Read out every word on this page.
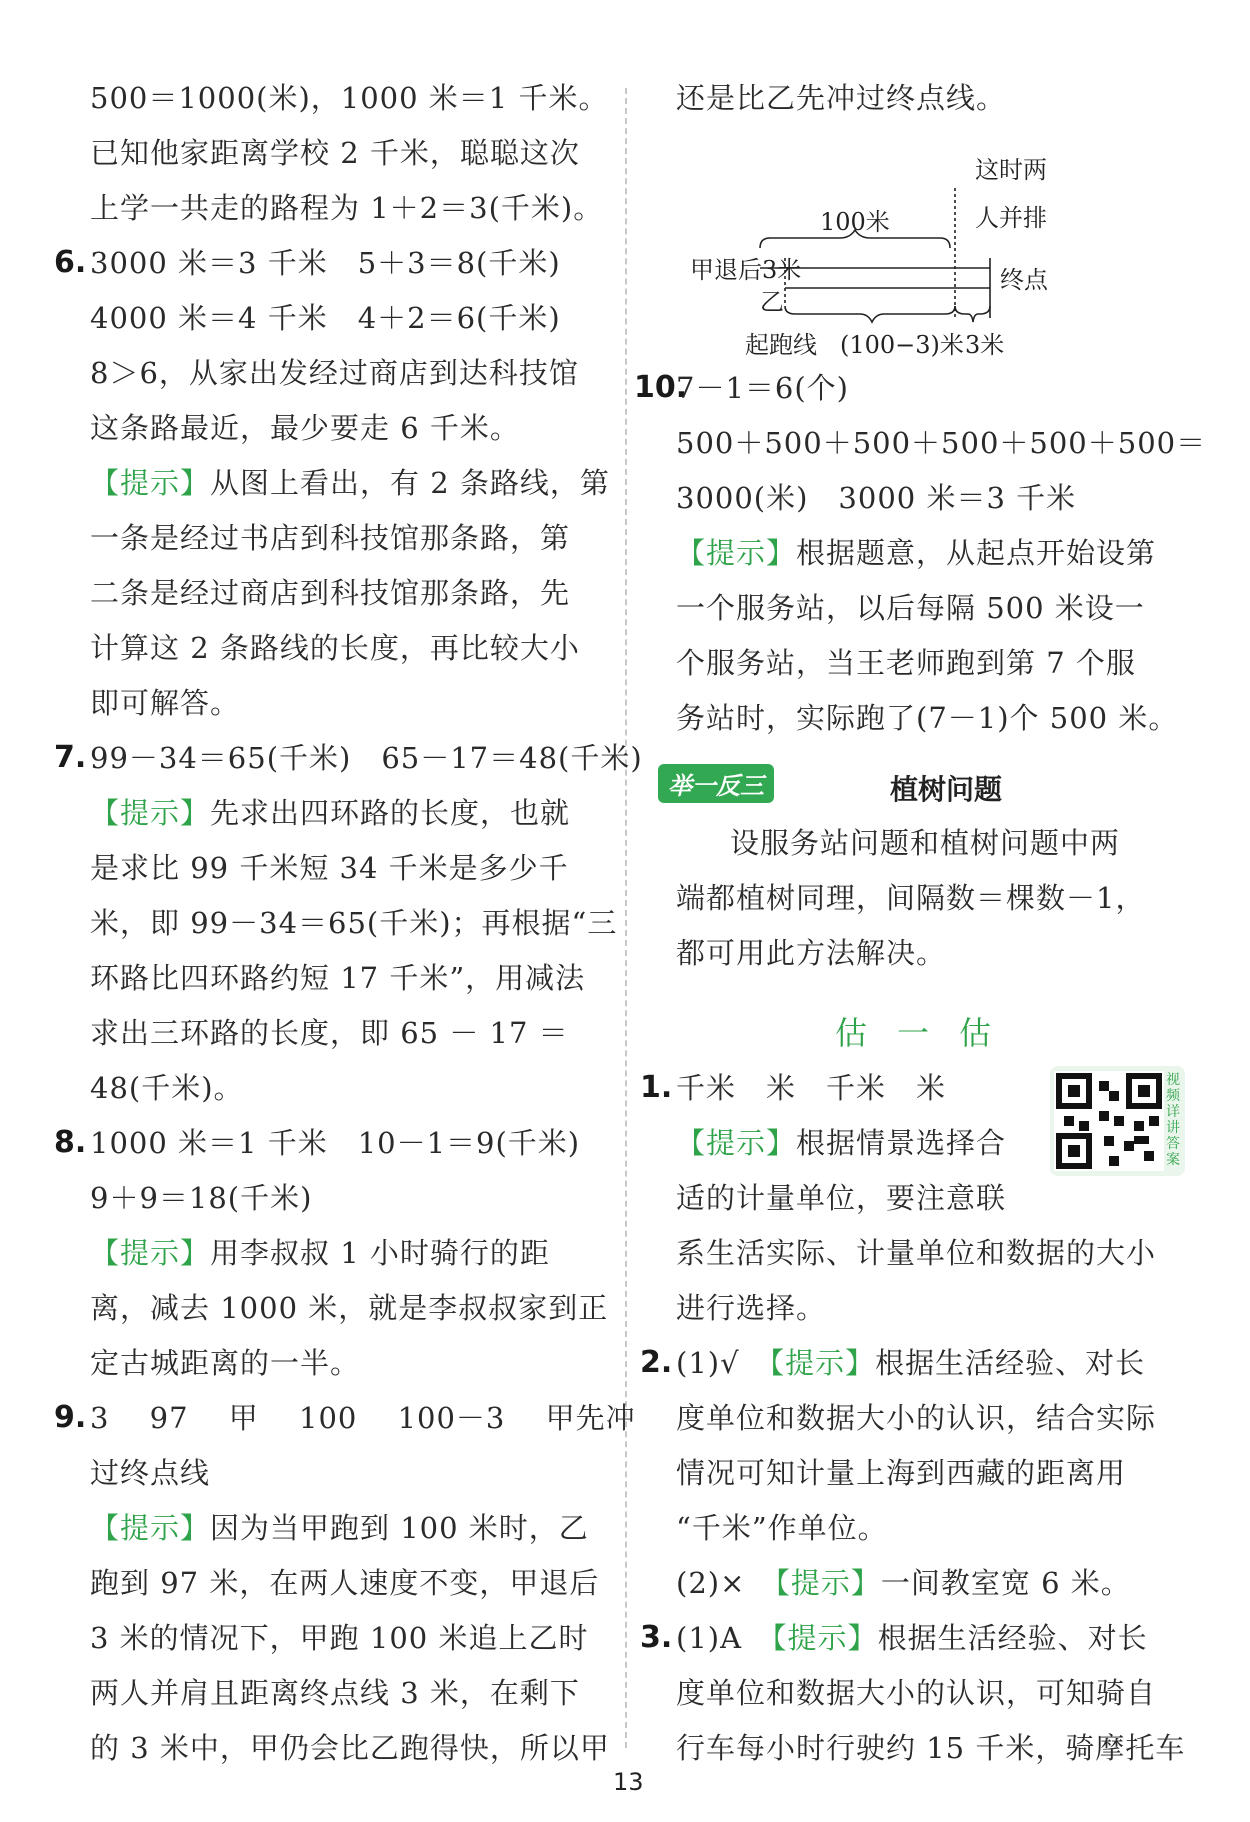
500＝1000(米)，1000 米＝1 千米。
已知他家距离学校 2 千米，聪聪这次
上学一共走的路程为 1＋2＝3(千米)。
6. 3000 米＝3 千米　5＋3＝8(千米)
4000 米＝4 千米　4＋2＝6(千米)
8＞6，从家出发经过商店到达科技馆
这条路最近，最少要走 6 千米。
【提示】从图上看出，有 2 条路线，第
一条是经过书店到科技馆那条路，第
二条是经过商店到科技馆那条路，先
计算这 2 条路线的长度，再比较大小
即可解答。
7. 99－34＝65(千米)　65－17＝48(千米)
【提示】先求出四环路的长度，也就
是求比 99 千米短 34 千米是多少千
米，即 99－34＝65(千米)；再根据“三
环路比四环路约短 17 千米”，用减法
求出三环路的长度，即 65 － 17 ＝
48(千米)。
8. 1000 米＝1 千米　10－1＝9(千米)
9＋9＝18(千米)
【提示】用李叔叔 1 小时骑行的距
离，减去 1000 米，就是李叔叔家到正
定古城距离的一半。
9. 3　 97　 甲　 100　 100－3　 甲先冲
过终点线
【提示】因为当甲跑到 100 米时，乙
跑到 97 米，在两人速度不变，甲退后
3 米的情况下，甲跑 100 米追上乙时
两人并肩且距离终点线 3 米，在剩下
的 3 米中，甲仍会比乙跑得快，所以甲
还是比乙先冲过终点线。
这时两
人并排
100米
甲退后3米
乙
终点
起跑线 (100−3)米 3米
10.
7－1＝6(个)
500＋500＋500＋500＋500＋500＝
3000(米)　3000 米＝3 千米
【提示】根据题意，从起点开始设第
一个服务站，以后每隔 500 米设一
个服务站，当王老师跑到第 7 个服
务站时，实际跑了(7－1)个 500 米。
举一反三	植树问题
设服务站问题和植树问题中两
端都植树同理，间隔数＝棵数－1，
都可用此方法解决。
估一估
1. 千米　米　千米　米
【提示】根据情景选择合
适的计量单位，要注意联
系生活实际、计量单位和数据的大小
进行选择。
视频详讲答案
2. (1)√　 【提示】根据生活经验、对长
度单位和数据大小的认识，结合实际
情况可知计量上海到西藏的距离用
“千米”作单位。
(2)×　 【提示】一间教室宽 6 米。
3. (1)A　 【提示】根据生活经验、对长
度单位和数据大小的认识，可知骑自
行车每小时行驶约 15 千米，骑摩托车
13
